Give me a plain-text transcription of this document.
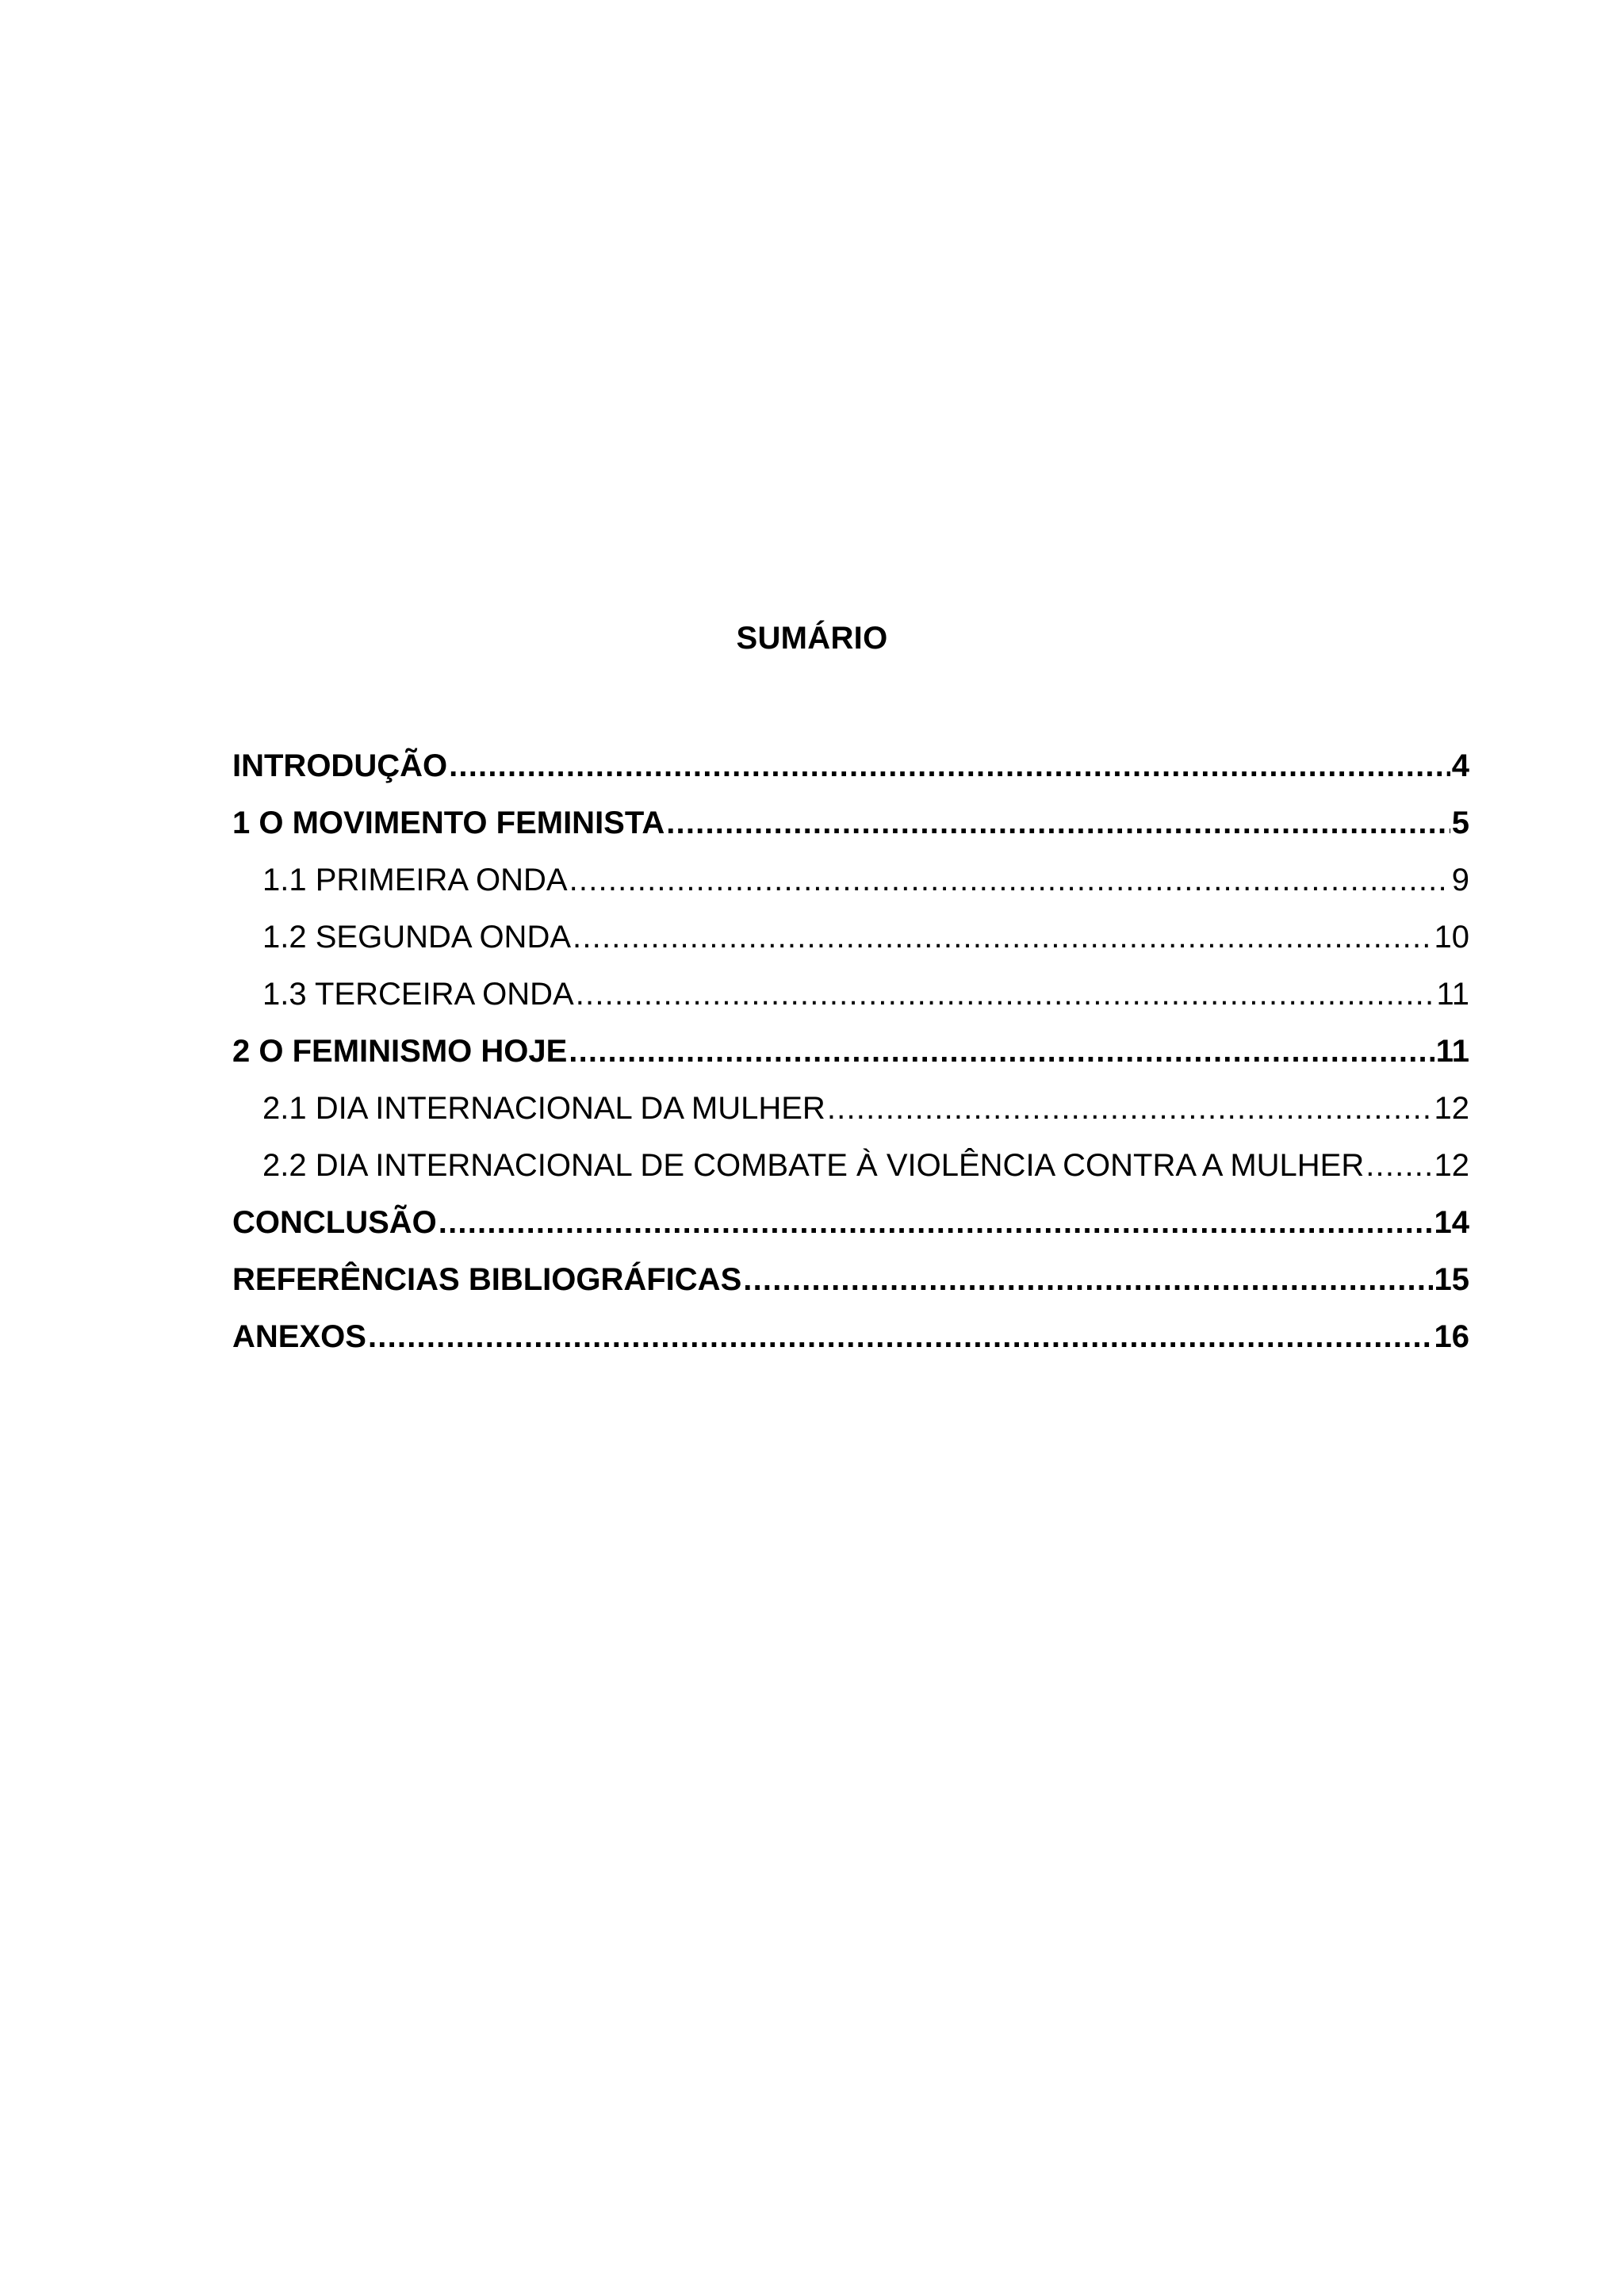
SUMÁRIO
INTRODUÇÃO .....	4
1 O MOVIMENTO FEMINISTA .....	5
1.1 PRIMEIRA ONDA .....	9
1.2 SEGUNDA ONDA .....	10
1.3 TERCEIRA ONDA .....	11
2 O FEMINISMO HOJE .....	11
2.1 DIA INTERNACIONAL DA MULHER .....	12
2.2 DIA INTERNACIONAL DE COMBATE À VIOLÊNCIA CONTRA A MULHER ..... 12
CONCLUSÃO .....	14
REFERÊNCIAS BIBLIOGRÁFICAS .....	15
ANEXOS .....	16
